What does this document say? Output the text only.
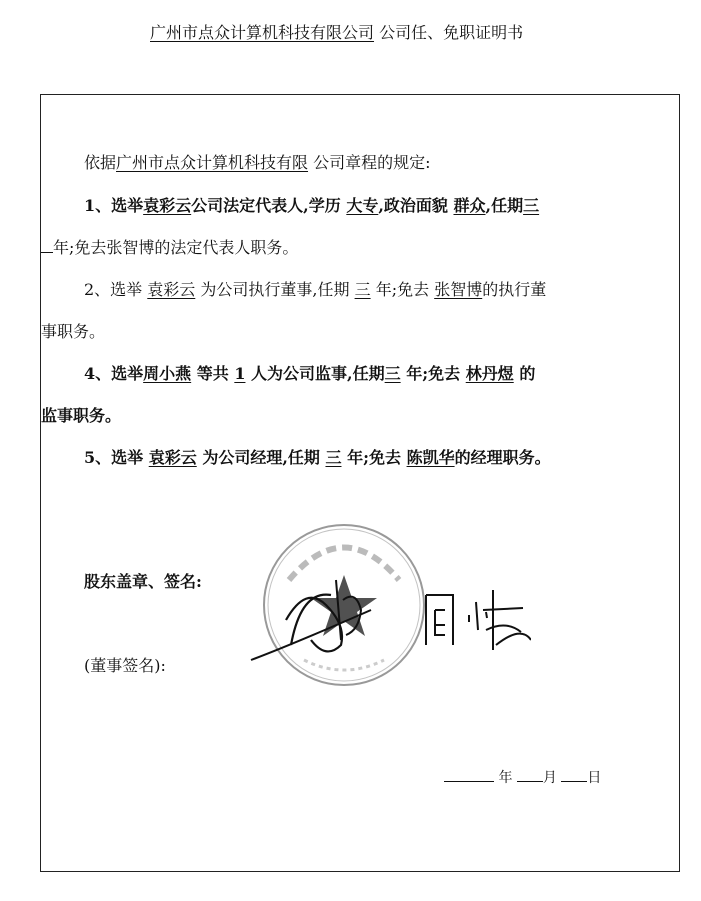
广州市点众计算机科技有限公司 公司任、免职证明书
依据广州市点众计算机科技有限 公司章程的规定:
1、选举袁彩云公司法定代表人,学历 大专,政治面貌 群众,任期三
年;免去张智博的法定代表人职务。
2、选举 袁彩云 为公司执行董事,任期 三 年;免去 张智博的执行董
事职务。
4、选举周小燕 等共 1 人为公司监事,任期三 年;免去 林丹煜 的
监事职务。
5、选举 袁彩云 为公司经理,任期 三 年;免去 陈凯华的经理职务。
股东盖章、签名:
(董事签名):
年 月 日
